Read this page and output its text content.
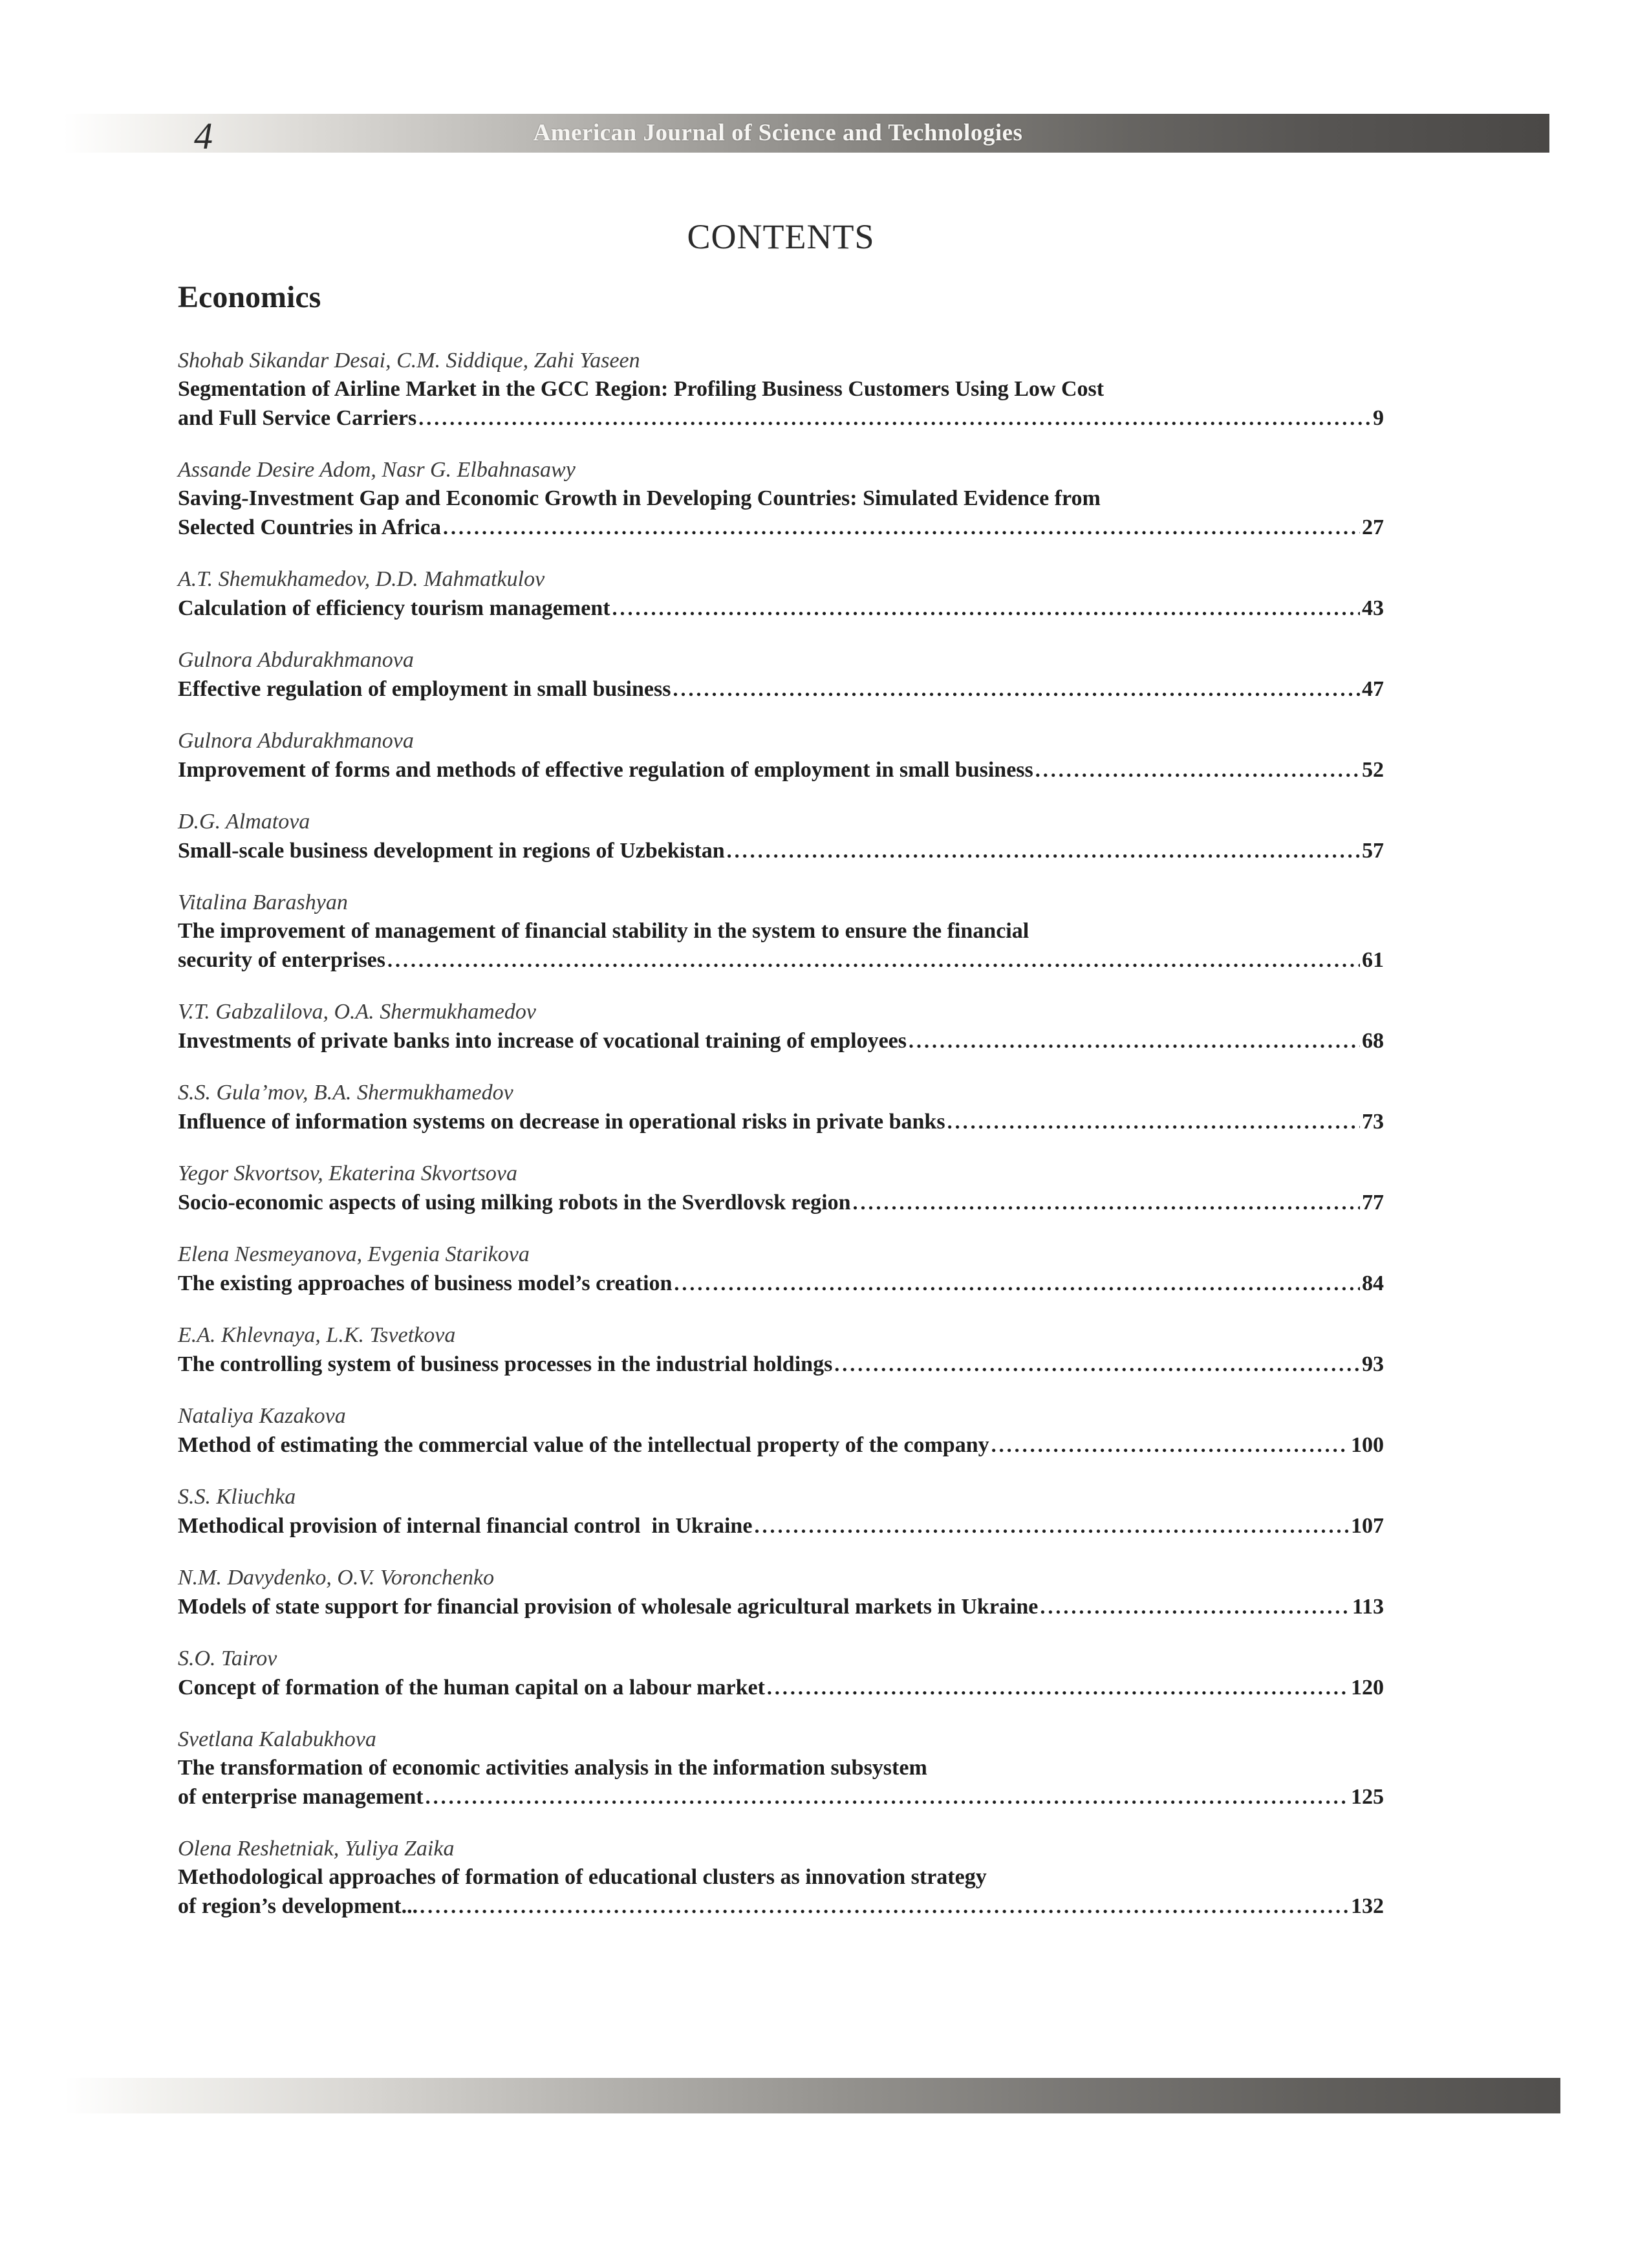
4	American Journal of Science and Technologies
CONTENTS
Economics
Shohab Sikandar Desai, C.M. Siddique, Zahi Yaseen
Segmentation of Airline Market in the GCC Region: Profiling Business Customers Using Low Cost
and Full Service Carriers .....	9
Assande Desire Adom, Nasr G. Elbahnasawy
Saving-Investment Gap and Economic Growth in Developing Countries: Simulated Evidence from
Selected Countries in Africa .....	27
A.T. Shemukhamedov, D.D. Mahmatkulov
Calculation of efficiency tourism management .....	43
Gulnora Abdurakhmanova
Effective regulation of employment in small business .....	47
Gulnora Abdurakhmanova
Improvement of forms and methods of effective regulation of employment in small business .....	52
D.G. Almatova
Small-scale business development in regions of Uzbekistan .....	57
Vitalina Barashyan
The improvement of management of financial stability in the system to ensure the financial
security of enterprises .....	61
V.T. Gabzalilova, O.A. Shermukhamedov
Investments of private banks into increase of vocational training of employees .....	68
S.S. Gula’mov, B.A. Shermukhamedov
Influence of information systems on decrease in operational risks in private banks .....	73
Yegor Skvortsov, Ekaterina Skvortsova
Socio-economic aspects of using milking robots in the Sverdlovsk region .....	77
Elena Nesmeyanova, Evgenia Starikova
The existing approaches of business model’s creation .....	84
E.A. Khlevnaya, L.K. Tsvetkova
The controlling system of business processes in the industrial holdings .....	93
Nataliya Kazakova
Method of estimating the commercial value of the intellectual property of the company .....	100
S.S. Kliuchka
Methodical provision of internal financial control  in Ukraine .....	107
N.M. Davydenko, O.V. Voronchenko
Models of state support for financial provision of wholesale agricultural markets in Ukraine .....	113
S.O. Tairov
Concept of formation of the human capital on a labour market .....	120
Svetlana Kalabukhova
The transformation of economic activities analysis in the information subsystem
of enterprise management .....	125
Olena Reshetniak, Yuliya Zaika
Methodological approaches of formation of educational clusters as innovation strategy
of region’s development... .....	132
